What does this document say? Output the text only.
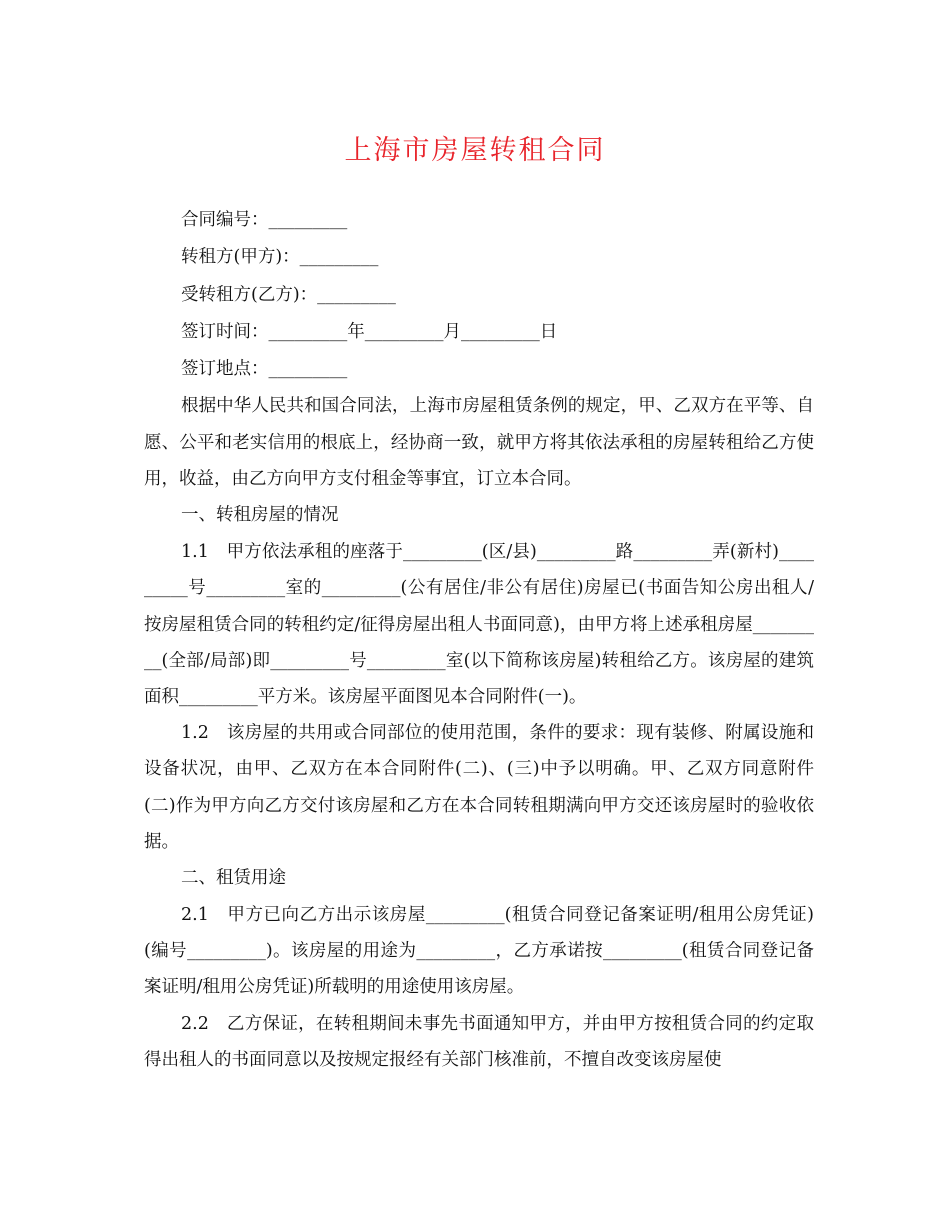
上海市房屋转租合同
合同编号：_________
转租方(甲方)：_________
受转租方(乙方)：_________
签订时间：_________年_________月_________日
签订地点：_________

根据中华人民共和国合同法，上海市房屋租赁条例的规定，甲、乙双方在平等、自愿、公平和老实信用的根底上，经协商一致，就甲方将其依法承租的房屋转租给乙方使用，收益，由乙方向甲方支付租金等事宜，订立本合同。

一、转租房屋的情况

1.1　甲方依法承租的座落于_________(区/县)_________路_________弄(新村)_________号_________室的_________(公有居住/非公有居住)房屋已(书面告知公房出租人/按房屋租赁合同的转租约定/征得房屋出租人书面同意)，由甲方将上述承租房屋_________(全部/局部)即_________号_________室(以下简称该房屋)转租给乙方。该房屋的建筑面积_________平方米。该房屋平面图见本合同附件(一)。

1.2　该房屋的共用或合同部位的使用范围，条件的要求：现有装修、附属设施和设备状况，由甲、乙双方在本合同附件(二)、(三)中予以明确。甲、乙双方同意附件(二)作为甲方向乙方交付该房屋和乙方在本合同转租期满向甲方交还该房屋时的验收依据。

二、租赁用途

2.1　甲方已向乙方出示该房屋_________(租赁合同登记备案证明/租用公房凭证)(编号_________)。该房屋的用途为_________，乙方承诺按_________(租赁合同登记备案证明/租用公房凭证)所载明的用途使用该房屋。

2.2　乙方保证，在转租期间未事先书面通知甲方，并由甲方按租赁合同的约定取得出租人的书面同意以及按规定报经有关部门核准前，不擅自改变该房屋使
